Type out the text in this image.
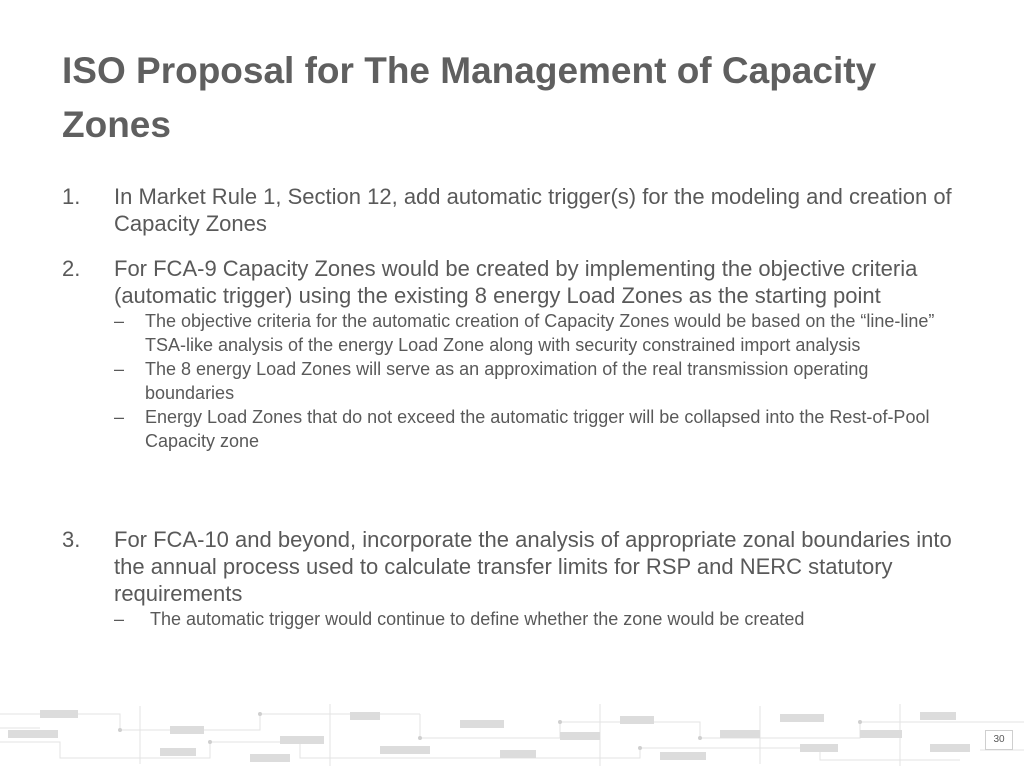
ISO Proposal for The Management of Capacity Zones
1.	In Market Rule 1, Section 12, add automatic trigger(s) for the modeling and creation of Capacity Zones
2.	For FCA-9 Capacity Zones would be created by implementing the objective criteria (automatic trigger) using the existing 8 energy Load Zones as the starting point
– The objective criteria for the automatic creation of Capacity Zones would be based on the “line-line” TSA-like analysis of the energy Load Zone along with security constrained import analysis
– The 8 energy Load Zones will serve as an approximation of the real transmission operating boundaries
– Energy Load Zones that do not exceed the automatic trigger will be collapsed into the Rest-of-Pool Capacity zone
3.	For FCA-10 and beyond, incorporate the analysis of appropriate zonal boundaries into the annual process used to calculate transfer limits for RSP and NERC statutory requirements
– The automatic trigger would continue to define whether the zone would be created
30
